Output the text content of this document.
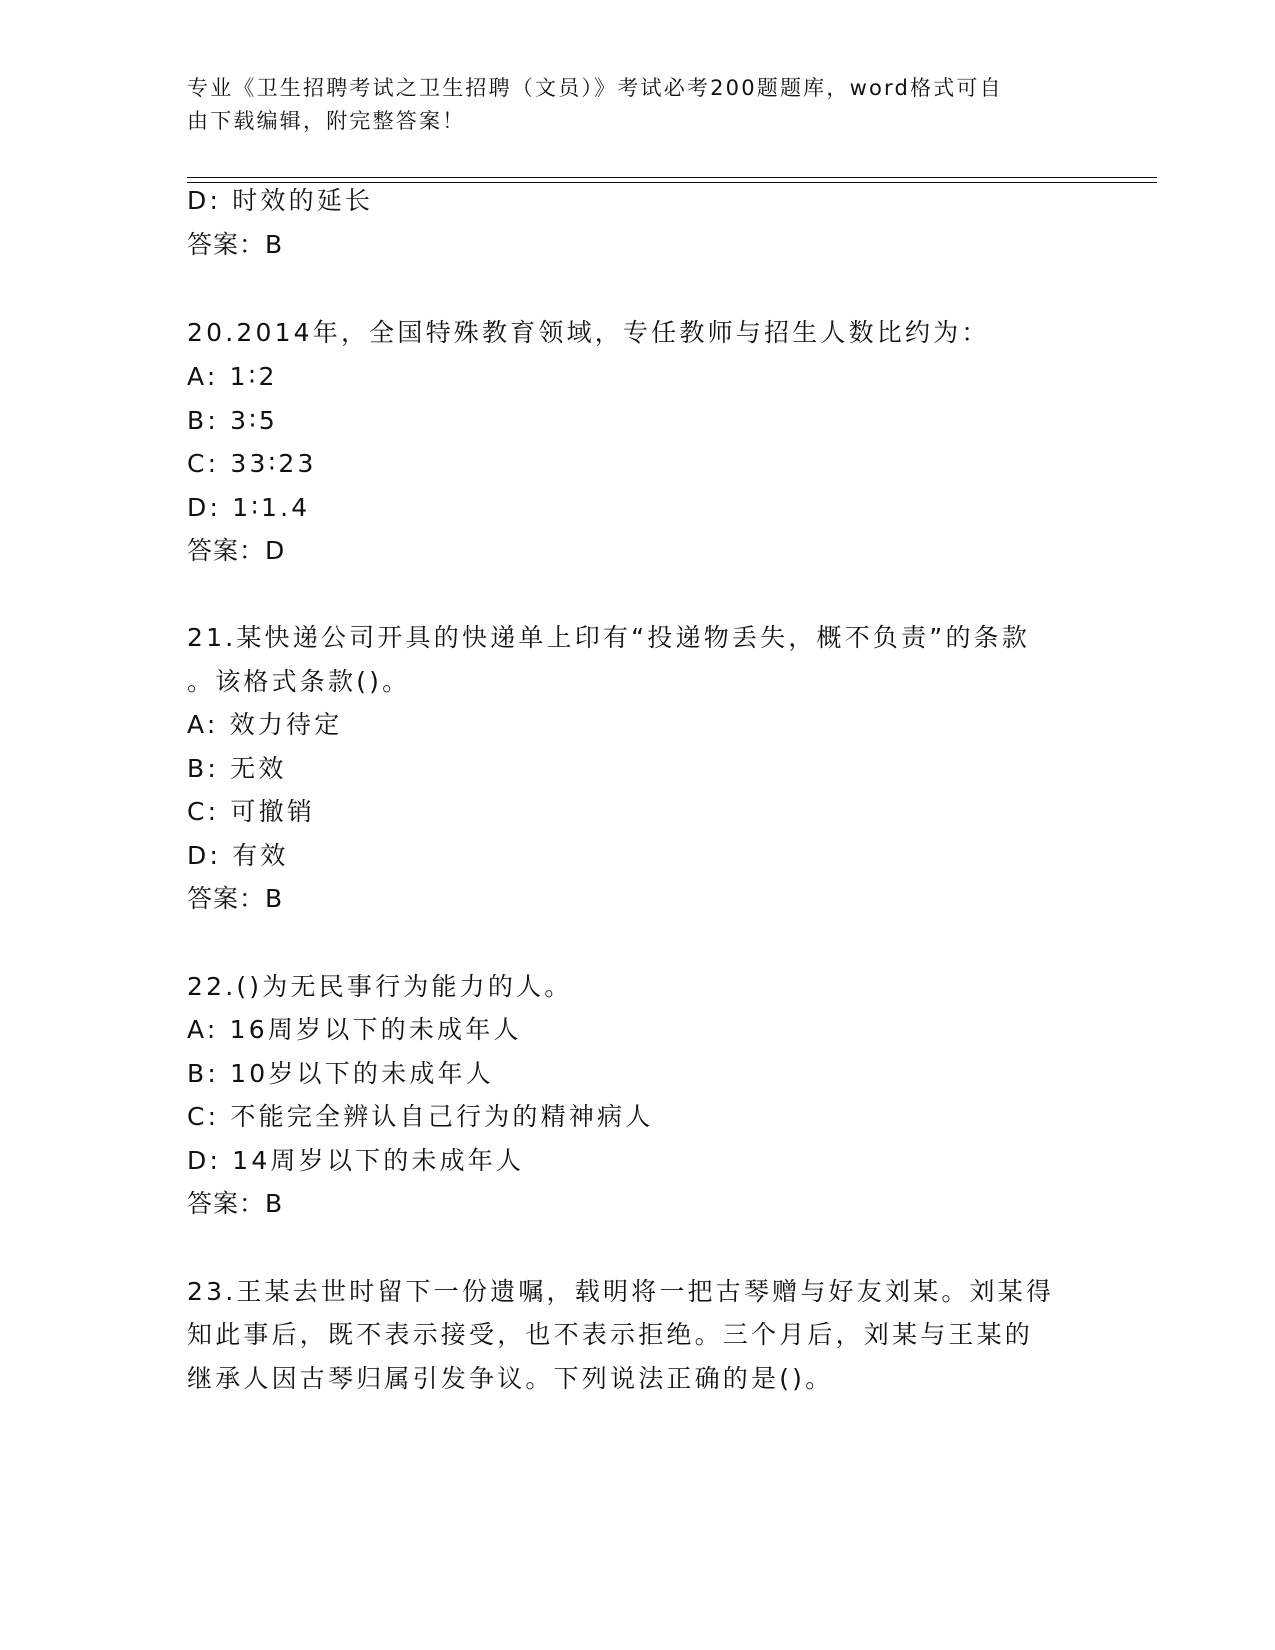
专业《卫生招聘考试之卫生招聘（文员）》考试必考200题题库，word格式可自
由下载编辑，附完整答案！
D: 时效的延长
答案：B
20.2014年，全国特殊教育领域，专任教师与招生人数比约为：
A: 1∶2
B: 3∶5
C: 33∶23
D: 1∶1.4
答案：D
21.某快递公司开具的快递单上印有“投递物丢失，概不负责”的条款
。该格式条款()。
A: 效力待定
B: 无效
C: 可撤销
D: 有效
答案：B
22.()为无民事行为能力的人。
A: 16周岁以下的未成年人
B: 10岁以下的未成年人
C: 不能完全辨认自己行为的精神病人
D: 14周岁以下的未成年人
答案：B
23.王某去世时留下一份遗嘱，载明将一把古琴赠与好友刘某。刘某得
知此事后，既不表示接受，也不表示拒绝。三个月后，刘某与王某的
继承人因古琴归属引发争议。下列说法正确的是()。
